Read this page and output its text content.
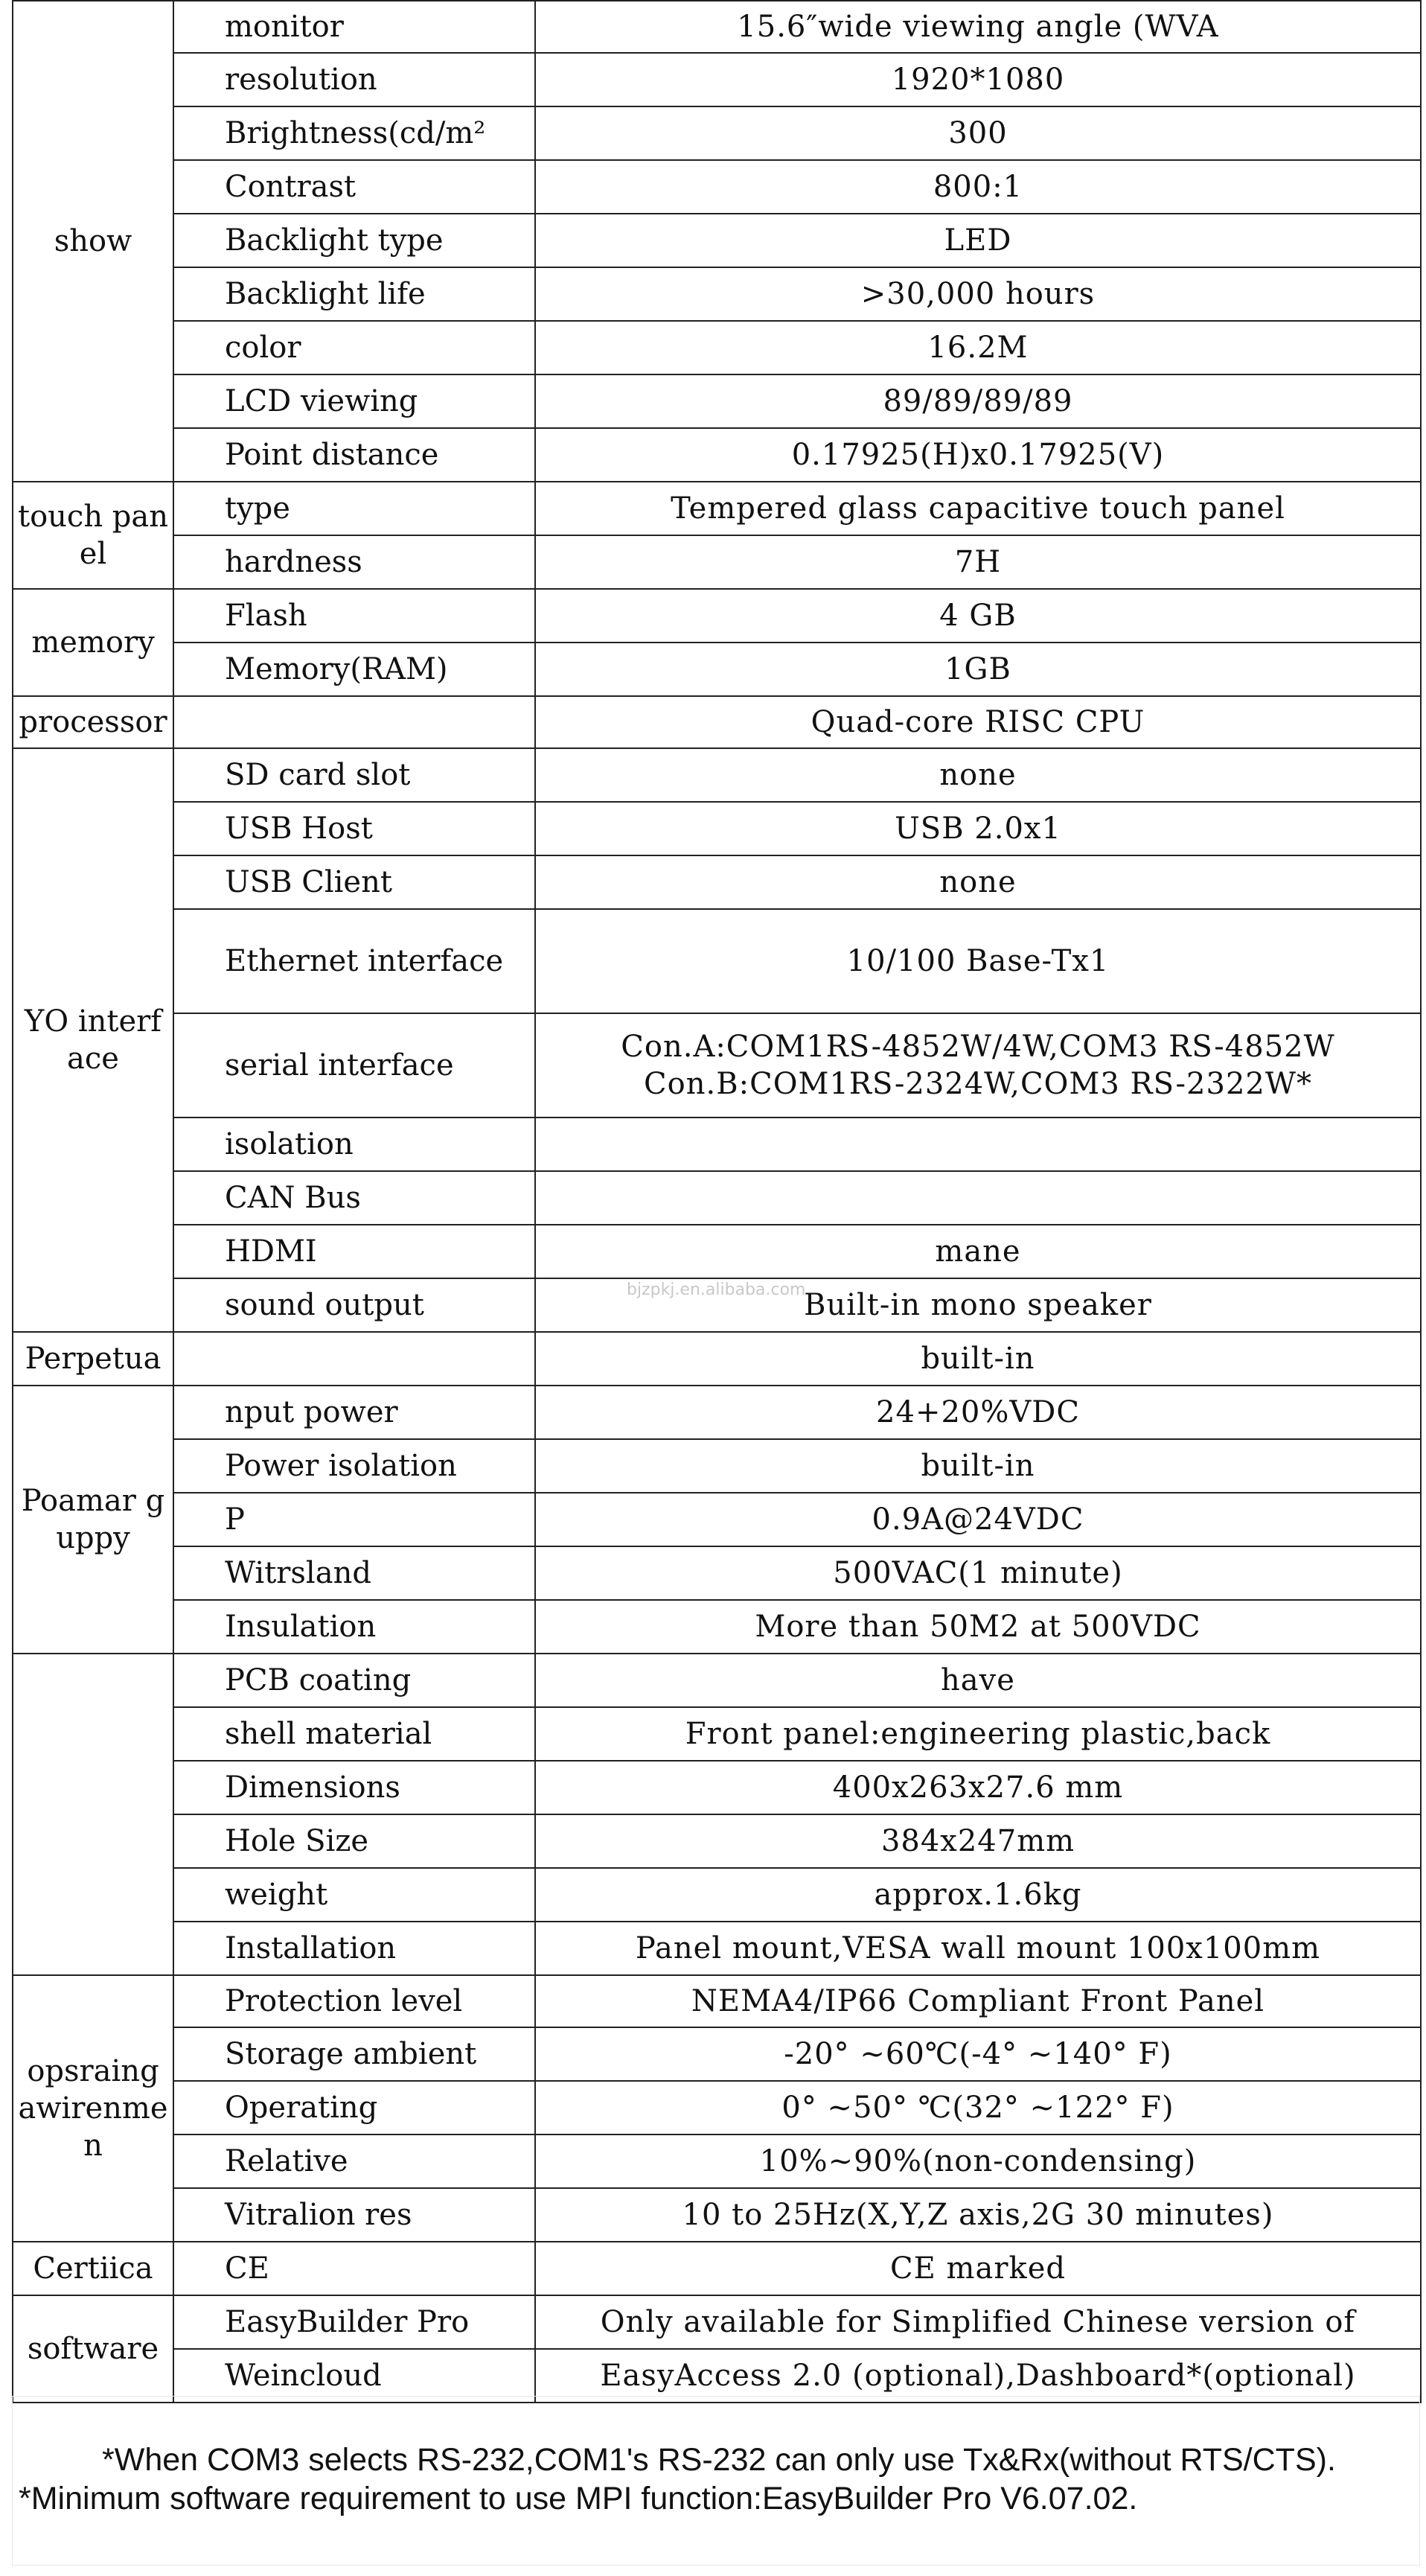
show	monitor	15.6″wide viewing angle (WVA
	resolution	1920*1080
	Brightness(cd/m²	300
	Contrast	800:1
	Backlight type	LED
	Backlight life	>30,000 hours
	color	16.2M
	LCD viewing	89/89/89/89
	Point distance	0.17925(H)x0.17925(V)
touch panel	type	Tempered glass capacitive touch panel
	hardness	7H
memory	Flash	4 GB
	Memory(RAM)	1GB
processor		Quad-core RISC CPU
YO interface	SD card slot	none
	USB Host	USB 2.0x1
	USB Client	none
	Ethernet interface	10/100 Base-Tx1
	serial interface	Con.A:COM1RS-4852W/4W,COM3 RS-4852W
Con.B:COM1RS-2324W,COM3 RS-2322W*

	isolation	
	CAN Bus	
	HDMI	mane
	sound output	Built-in mono speaker
Perpetua		built-in
Poamar guppy	nput power	24+20%VDC
	Power isolation	built-in
	P	0.9A@24VDC
	Witrsland	500VAC(1 minute)
	Insulation	More than 50M2 at 500VDC
	PCB coating	have
	shell material	Front panel:engineering plastic,back
	Dimensions	400x263x27.6 mm
	Hole Size	384x247mm
	weight	approx.1.6kg
	Installation	Panel mount,VESA wall mount 100x100mm
opsraing awirenmen	Protection level	NEMA4/IP66 Compliant Front Panel
	Storage ambient	-20° ~60℃(-4° ~140° F)
	Operating	0° ~50° ℃(32° ~122° F)
	Relative	10%~90%(non-condensing)
	Vitralion res	10 to 25Hz(X,Y,Z axis,2G 30 minutes)
Certiica	CE	CE marked
software	EasyBuilder Pro	Only available for Simplified Chinese version of
	Weincloud	EasyAccess 2.0 (optional),Dashboard*(optional)
bjzpkj.en.alibaba.com

*When COM3 selects RS-232,COM1's RS-232 can only use Tx&Rx(without RTS/CTS).

*Minimum software requirement to use MPI function:EasyBuilder Pro V6.07.02.
